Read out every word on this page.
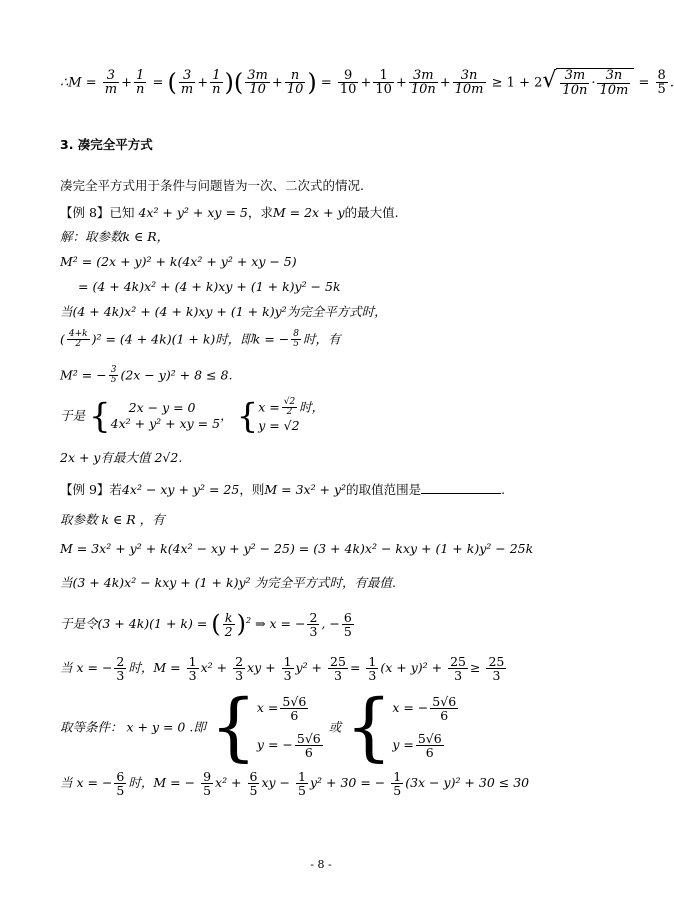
∴M = $\frac{3}{m} + \frac{1}{n}$ = ( $\frac{3}{m} + \frac{1}{n}$ )( $\frac{3m}{10} + \frac{n}{10}$ ) = $\frac{9}{10} + \frac{1}{10} + \frac{3m}{10n} + \frac{3n}{10m} \ge 1 + 2√ \frac{3m}{10n} \cdot \frac{3n}{10m} = \frac{8}{5}$ .
3. 凑完全平方式
凑完全平方式用于条件与问题皆为一次、二次式的情况.
【例 8】已知 4x² + y² + xy = 5，求M = 2x + y的最大值.
解：取参数k ∈ R，
M² = (2x + y)² + k(4x² + y² + xy − 5)
= (4 + 4k)x² + (4 + k)xy + (1 + k)y² − 5k
当(4 + 4k)x² + (4 + k)xy + (1 + k)y²为完全平方式时，
( $\frac{4+k}{2} )^2 = (4 + 4k)(1 + k)$时，即k = − $\frac{8}{5}$ 时，有
M² = − $\frac{3}{5} (2x - y)^2 + 8 \le 8$.
于是 {	2x − y = 0
4x² + y² + xy = 5
， { $x = \frac{√2}{2}$ 时，
y = √2
2x + y有最大值 2√2.
【例 9】若4x² − xy + y² = 25，则M = 3x² + y²的取值范围是	.
取参数 k ∈ R ，有
M = 3x² + y² + k(4x² − xy + y² − 25) = (3 + 4k)x² − kxy + (1 + k)y² − 25k
当(3 + 4k)x² − kxy + (1 + k)y² 为完全平方式时，有最值.
于是令(3 + 4k)(1 + k) = ( $\frac{k}{2} )^2$ ⇒ x = − $\frac{2}{3}$ , − $\frac{6}{5}$
当 x = − $\frac{2}{3}$ 时，$M = \frac{1}{3} x^2 + \frac{2}{3}$ xy + $\frac{1}{3} y^2 + \frac{25}{3} = \frac{1}{3} (x + y)^2 + \frac{25}{3} \ge \frac{25}{3}$
取等条件： x + y = 0 .即 { $x = \frac{5√6}{6}$
y = − $\frac{5√6}{6}$
或 { x = − $\frac{5√6}{6}$
$y = \frac{5√6}{6}$
当 x = − $\frac{6}{5}$ 时，M = − $\frac{9}{5} x^2 + \frac{6}{5}$ xy − $\frac{1}{5} y^2 + 30$ = − $\frac{1}{5} (3x - y)^2 + 30 \le 30$
- 8 -
